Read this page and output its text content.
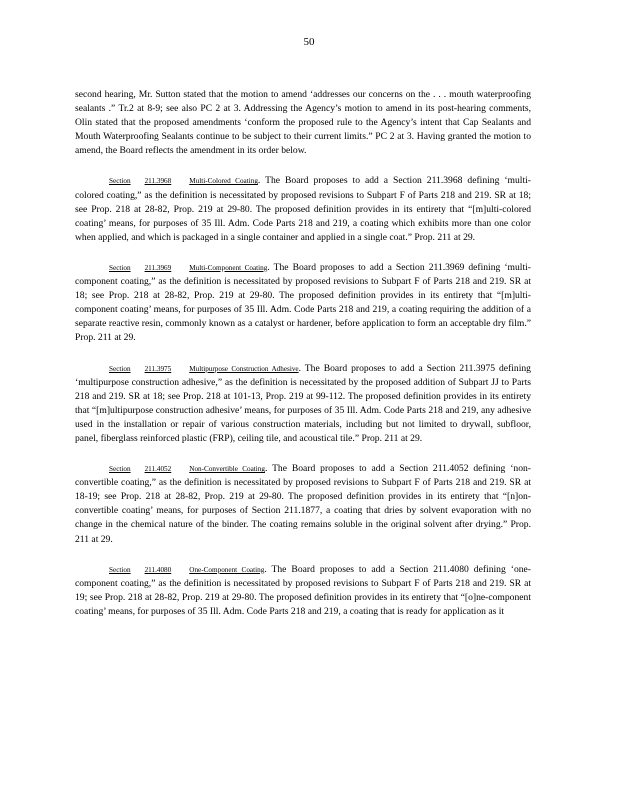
50

second hearing, Mr. Sutton stated that the motion to amend ‘addresses our concerns on the . . . mouth waterproofing sealants .” Tr.2 at 8-9; see also PC 2 at 3. Addressing the Agency’s motion to amend in its post-hearing comments, Olin stated that the proposed amendments ‘conform the proposed rule to the Agency’s intent that Cap Sealants and Mouth Waterproofing Sealants continue to be subject to their current limits.” PC 2 at 3. Having granted the motion to amend, the Board reflects the amendment in its order below.

Section 211.3968	Multi-Colored Coating. The Board proposes to add a Section 211.3968 defining ‘multi-colored coating,” as the definition is necessitated by proposed revisions to Subpart F of Parts 218 and 219. SR at 18; see Prop. 218 at 28-82, Prop. 219 at 29-80. The proposed definition provides in its entirety that “[m]ulti-colored coating’ means, for purposes of 35 Ill. Adm. Code Parts 218 and 219, a coating which exhibits more than one color when applied, and which is packaged in a single container and applied in a single coat.” Prop. 211 at 29.

Section 211.3969	Multi-Component Coating. The Board proposes to add a Section 211.3969 defining ‘multi-component coating,” as the definition is necessitated by proposed revisions to Subpart F of Parts 218 and 219. SR at 18; see Prop. 218 at 28-82, Prop. 219 at 29-80. The proposed definition provides in its entirety that “[m]ulti-component coating’ means, for purposes of 35 Ill. Adm. Code Parts 218 and 219, a coating requiring the addition of a separate reactive resin, commonly known as a catalyst or hardener, before application to form an acceptable dry film.” Prop. 211 at 29.

Section 211.3975	Multipurpose Construction Adhesive. The Board proposes to add a Section 211.3975 defining ‘multipurpose construction adhesive,” as the definition is necessitated by the proposed addition of Subpart JJ to Parts 218 and 219. SR at 18; see Prop. 218 at 101-13, Prop. 219 at 99-112. The proposed definition provides in its entirety that “[m]ultipurpose construction adhesive’ means, for purposes of 35 Ill. Adm. Code Parts 218 and 219, any adhesive used in the installation or repair of various construction materials, including but not limited to drywall, subfloor, panel, fiberglass reinforced plastic (FRP), ceiling tile, and acoustical tile.” Prop. 211 at 29.

Section 211.4052	Non-Convertible Coating. The Board proposes to add a Section 211.4052 defining ‘non-convertible coating,” as the definition is necessitated by proposed revisions to Subpart F of Parts 218 and 219. SR at 18-19; see Prop. 218 at 28-82, Prop. 219 at 29-80. The proposed definition provides in its entirety that “[n]on-convertible coating’ means, for purposes of Section 211.1877, a coating that dries by solvent evaporation with no change in the chemical nature of the binder. The coating remains soluble in the original solvent after drying.” Prop. 211 at 29.

Section 211.4080	One-Component Coating. The Board proposes to add a Section 211.4080 defining ‘one-component coating,” as the definition is necessitated by proposed revisions to Subpart F of Parts 218 and 219. SR at 19; see Prop. 218 at 28-82, Prop. 219 at 29-80. The proposed definition provides in its entirety that “[o]ne-component coating’ means, for purposes of 35 Ill. Adm. Code Parts 218 and 219, a coating that is ready for application as it
